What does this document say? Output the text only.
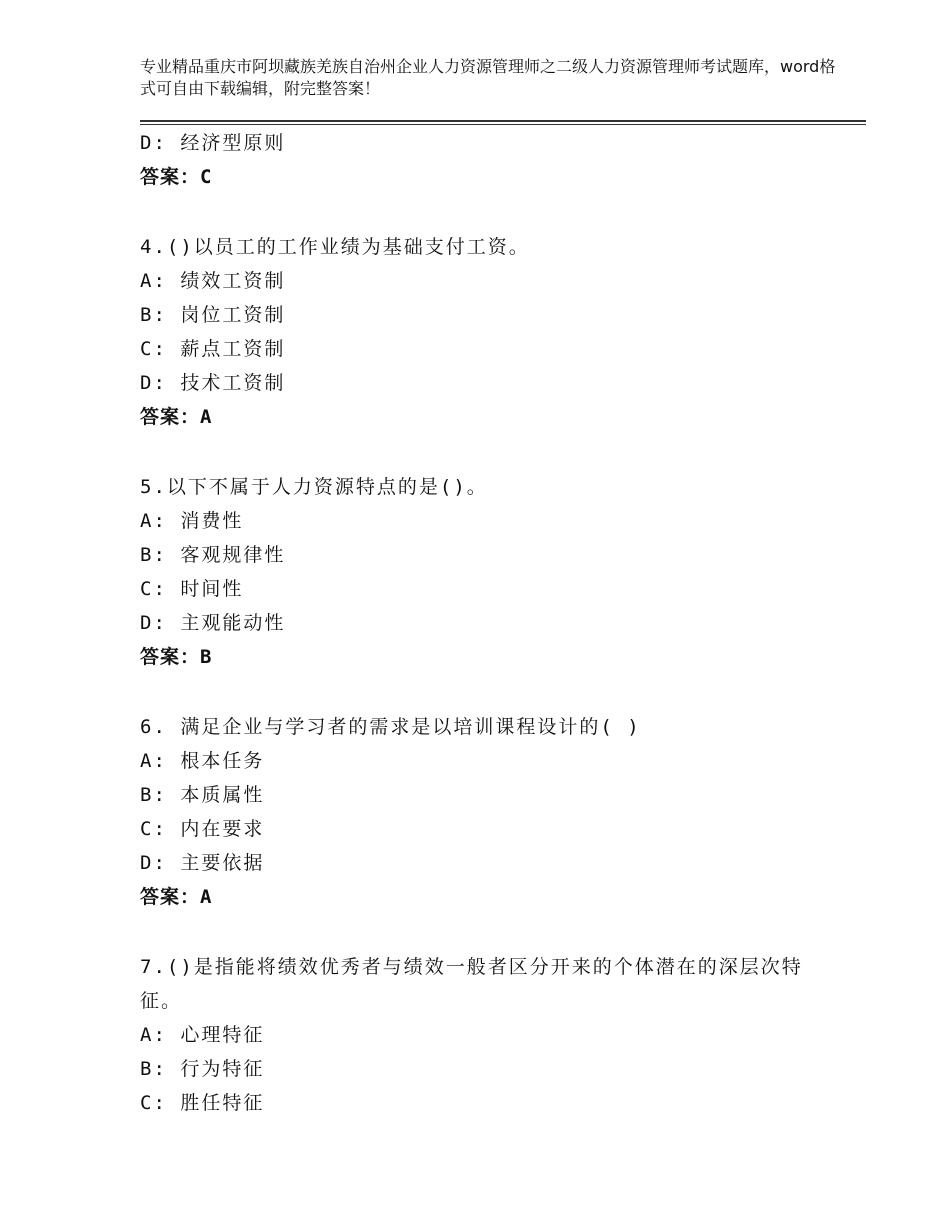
专业精品重庆市阿坝藏族羌族自治州企业人力资源管理师之二级人力资源管理师考试题库，word格式可自由下载编辑，附完整答案！
D: 经济型原则
答案：C
4.()以员工的工作业绩为基础支付工资。
A: 绩效工资制
B: 岗位工资制
C: 薪点工资制
D: 技术工资制
答案：A
5.以下不属于人力资源特点的是()。
A: 消费性
B: 客观规律性
C: 时间性
D: 主观能动性
答案：B
6. 满足企业与学习者的需求是以培训课程设计的( )
A: 根本任务
B: 本质属性
C: 内在要求
D: 主要依据
答案：A
7.()是指能将绩效优秀者与绩效一般者区分开来的个体潜在的深层次特征。
A: 心理特征
B: 行为特征
C: 胜任特征
